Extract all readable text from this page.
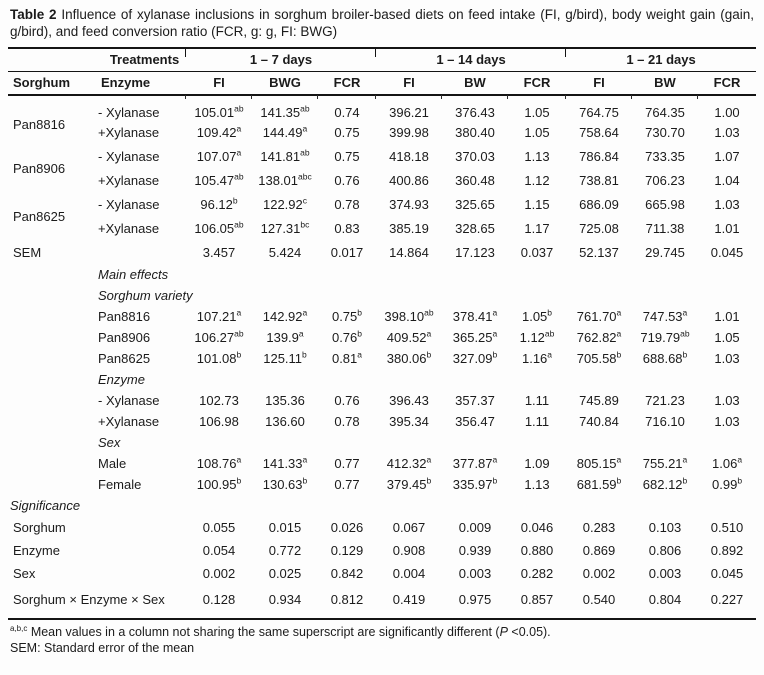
Table 2 Influence of xylanase inclusions in sorghum broiler-based diets on feed intake (FI, g/bird), body weight gain (gain, g/bird), and feed conversion ratio (FCR, g: g, FI: BWG)

Treatments		1 – 7 days			1 – 14 days			1 – 21 days		
Sorghum	Enzyme	FI	BWG	FCR	FI	BW	FCR	FI	BW	FCR
Pan8816	- Xylanase	105.01$^{ab}$	141.35$^{ab}$	0.74	396.21	376.43	1.05	764.75	764.35	1.00
	+Xylanase	109.42$^a$	144.49$^a$	0.75	399.98	380.40	1.05	758.64	730.70	1.03
Pan8906	- Xylanase	107.07$^a$	141.81$^{ab}$	0.75	418.18	370.03	1.13	786.84	733.35	1.07
	+Xylanase	105.47$^{ab}$	138.01$^{abc}$	0.76	400.86	360.48	1.12	738.81	706.23	1.04
Pan8625	- Xylanase	96.12$^b$	122.92$^c$	0.78	374.93	325.65	1.15	686.09	665.98	1.03
	+Xylanase	106.05$^{ab}$	127.31$^{bc}$	0.83	385.19	328.65	1.17	725.08	711.38	1.01
SEM		3.457	5.424	0.017	14.864	17.123	0.037	52.137	29.745	0.045
	Main effects									
	Sorghum variety									
	Pan8816	107.21$^a$	142.92$^a$	0.75$^b$	398.10$^{ab}$	378.41$^a$	1.05$^b$	761.70$^a$	747.53$^a$	1.01
	Pan8906	106.27$^{ab}$	139.9$^a$	0.76$^b$	409.52$^a$	365.25$^a$	1.12$^{ab}$	762.82$^a$	719.79$^{ab}$	1.05
	Pan8625	101.08$^b$	125.11$^b$	0.81$^a$	380.06$^b$	327.09$^b$	1.16$^a$	705.58$^b$	688.68$^b$	1.03
	Enzyme									
	- Xylanase	102.73	135.36	0.76	396.43	357.37	1.11	745.89	721.23	1.03
	+Xylanase	106.98	136.60	0.78	395.34	356.47	1.11	740.84	716.10	1.03
	Sex									
	Male	108.76$^a$	141.33$^a$	0.77	412.32$^a$	377.87$^a$	1.09	805.15$^a$	755.21$^a$	1.06$^a$
	Female	100.95$^b$	130.63$^b$	0.77	379.45$^b$	335.97$^b$	1.13	681.59$^b$	682.12$^b$	0.99$^b$
Significance										
Sorghum		0.055	0.015	0.026	0.067	0.009	0.046	0.283	0.103	0.510
Enzyme		0.054	0.772	0.129	0.908	0.939	0.880	0.869	0.806	0.892
Sex		0.002	0.025	0.842	0.004	0.003	0.282	0.002	0.003	0.045
Sorghum × Enzyme × Sex		0.128	0.934	0.812	0.419	0.975	0.857	0.540	0.804	0.227

$^{a,b,c}$ Mean values in a column not sharing the same superscript are significantly different (P <0.05).

SEM: Standard error of the mean
